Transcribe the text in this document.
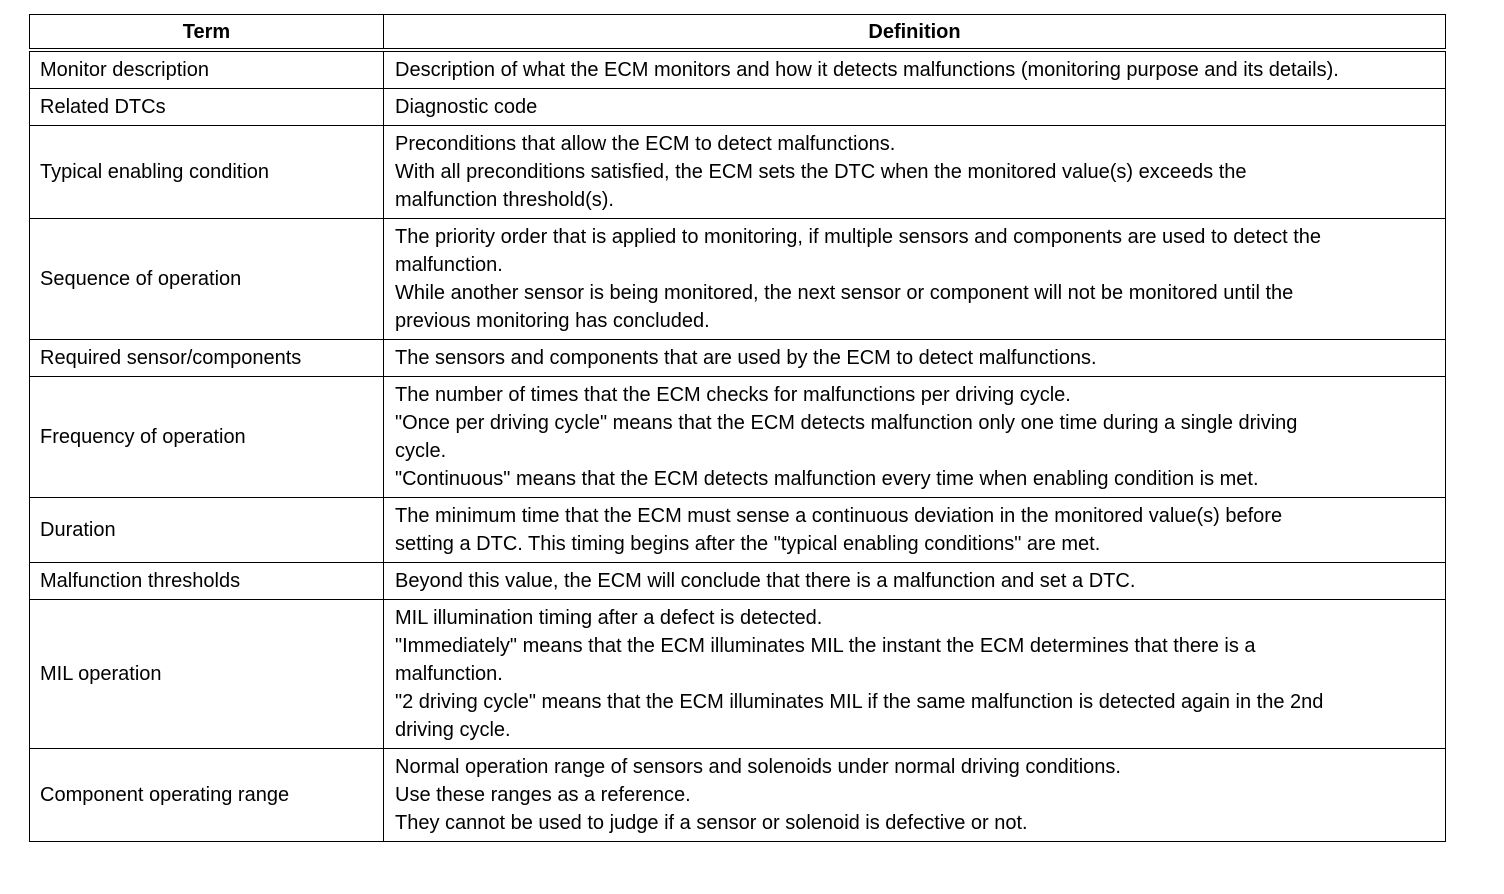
Term	Definition
Monitor description	Description of what the ECM monitors and how it detects malfunctions (monitoring purpose and its details).

Related DTCs	Diagnostic code

Typical enabling condition	Preconditions that allow the ECM to detect malfunctions.
With all preconditions satisfied, the ECM sets the DTC when the monitored value(s) exceeds the
malfunction threshold(s).

Sequence of operation	The priority order that is applied to monitoring, if multiple sensors and components are used to detect the
malfunction.
While another sensor is being monitored, the next sensor or component will not be monitored until the
previous monitoring has concluded.

Required sensor/components	The sensors and components that are used by the ECM to detect malfunctions.

Frequency of operation	The number of times that the ECM checks for malfunctions per driving cycle.
"Once per driving cycle" means that the ECM detects malfunction only one time during a single driving
cycle.
"Continuous" means that the ECM detects malfunction every time when enabling condition is met.

Duration	The minimum time that the ECM must sense a continuous deviation in the monitored value(s) before
setting a DTC. This timing begins after the "typical enabling conditions" are met.

Malfunction thresholds	Beyond this value, the ECM will conclude that there is a malfunction and set a DTC.

MIL operation	MIL illumination timing after a defect is detected.
"Immediately" means that the ECM illuminates MIL the instant the ECM determines that there is a
malfunction.
"2 driving cycle" means that the ECM illuminates MIL if the same malfunction is detected again in the 2nd
driving cycle.

Component operating range	Normal operation range of sensors and solenoids under normal driving conditions.
Use these ranges as a reference.
They cannot be used to judge if a sensor or solenoid is defective or not.
